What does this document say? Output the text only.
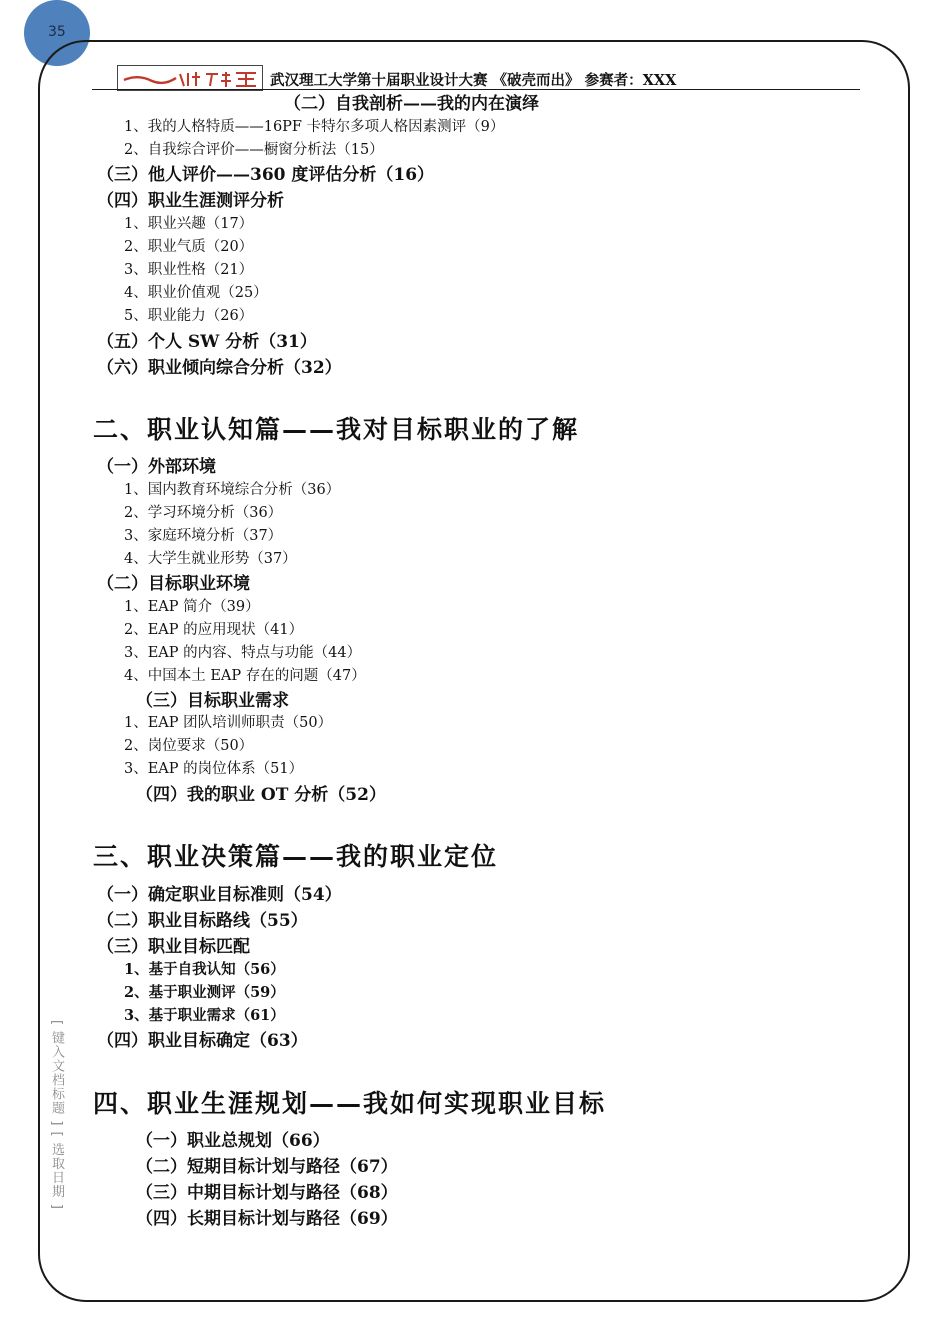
35
武汉理工大学第十届职业设计大赛 《破壳而出》 参赛者：XXX
[ 键入文档标题 ] [ 选取日期 ]
（二）自我剖析——我的内在演绎
1、我的人格特质——16PF 卡特尔多项人格因素测评（9）
2、自我综合评价——橱窗分析法（15）
（三）他人评价——360 度评估分析（16）
（四）职业生涯测评分析
1、职业兴趣（17）
2、职业气质（20）
3、职业性格（21）
4、职业价值观（25）
5、职业能力（26）
（五）个人 SW 分析（31）
（六）职业倾向综合分析（32）
二、职业认知篇——我对目标职业的了解
（一）外部环境
1、国内教育环境综合分析（36）
2、学习环境分析（36）
3、家庭环境分析（37）
4、大学生就业形势（37）
（二）目标职业环境
1、EAP 简介（39）
2、EAP 的应用现状（41）
3、EAP 的内容、特点与功能（44）
4、中国本土 EAP 存在的问题（47）
（三）目标职业需求
1、EAP 团队培训师职责（50）
2、岗位要求（50）
3、EAP 的岗位体系（51）
（四）我的职业 OT 分析（52）
三、职业决策篇——我的职业定位
（一）确定职业目标准则（54）
（二）职业目标路线（55）
（三）职业目标匹配
1、基于自我认知（56）
2、基于职业测评（59）
3、基于职业需求（61）
（四）职业目标确定（63）
四、职业生涯规划——我如何实现职业目标
（一）职业总规划（66）
（二）短期目标计划与路径（67）
（三）中期目标计划与路径（68）
（四）长期目标计划与路径（69）
